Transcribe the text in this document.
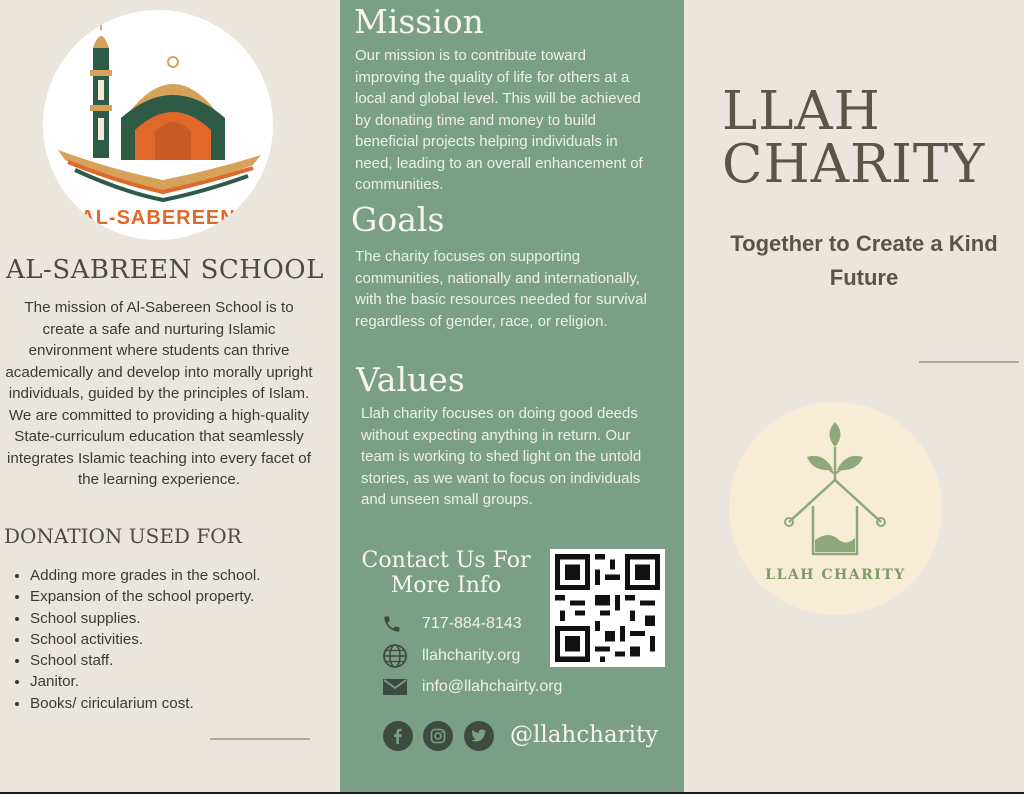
AL-SABEREEN
AL-SABREEN SCHOOL

The mission of Al-Sabereen School is to create a safe and nurturing Islamic environment where students can thrive academically and develop into morally upright individuals, guided by the principles of Islam. We are committed to providing a high-quality State-curriculum education that seamlessly integrates Islamic teaching into every facet of the learning experience.

DONATION USED FOR
• Adding more grades in the school.
• Expansion of the school property.
• School supplies.
• School activities.
• School staff.
• Janitor.
• Books/ ciricularium cost.
Mission

Our mission is to contribute toward improving the quality of life for others at a local and global level. This will be achieved by donating time and money to build beneficial projects helping individuals in need, leading to an overall enhancement of communities.

Goals

The charity focuses on supporting communities, nationally and internationally, with the basic resources needed for survival regardless of gender, race, or religion.

Values

Llah charity focuses on doing good deeds without expecting anything in return. Our team is working to shed light on the untold stories, as we want to focus on individuals and unseen small groups.

Contact Us For More Info
717-884-8143
llahcharity.org
info@llahchairty.org
@llahcharity
LLAH
CHARITY

Together to Create a Kind Future

LLAH CHARITY
